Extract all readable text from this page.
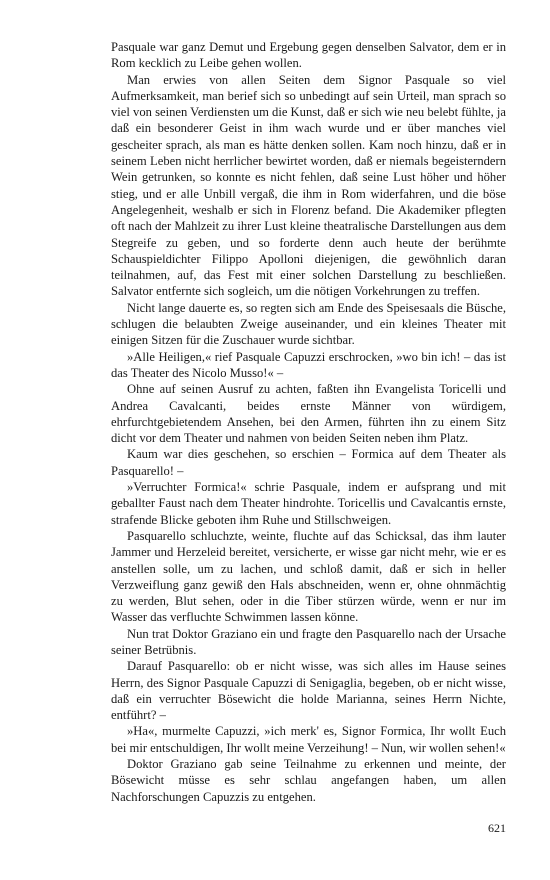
Pasquale war ganz Demut und Ergebung gegen denselben Salvator, dem er in Rom kecklich zu Leibe gehen wollen.

Man erwies von allen Seiten dem Signor Pasquale so viel Aufmerksamkeit, man berief sich so unbedingt auf sein Urteil, man sprach so viel von seinen Verdiensten um die Kunst, daß er sich wie neu belebt fühlte, ja daß ein besonderer Geist in ihm wach wurde und er über manches viel gescheiter sprach, als man es hätte denken sollen. Kam noch hinzu, daß er in seinem Leben nicht herrlicher bewirtet worden, daß er niemals begeisterndern Wein getrunken, so konnte es nicht fehlen, daß seine Lust höher und höher stieg, und er alle Unbill vergaß, die ihm in Rom widerfahren, und die böse Angelegenheit, weshalb er sich in Florenz befand. Die Akademiker pflegten oft nach der Mahlzeit zu ihrer Lust kleine theatralische Darstellungen aus dem Stegreife zu geben, und so forderte denn auch heute der berühmte Schauspieldichter Filippo Apolloni diejenigen, die gewöhnlich daran teilnahmen, auf, das Fest mit einer solchen Darstellung zu beschließen. Salvator entfernte sich sogleich, um die nötigen Vorkehrungen zu treffen.

Nicht lange dauerte es, so regten sich am Ende des Speisesaals die Büsche, schlugen die belaubten Zweige auseinander, und ein kleines Theater mit einigen Sitzen für die Zuschauer wurde sichtbar.

»Alle Heiligen,« rief Pasquale Capuzzi erschrocken, »wo bin ich! – das ist das Theater des Nicolo Musso!« –

Ohne auf seinen Ausruf zu achten, faßten ihn Evangelista Toricelli und Andrea Cavalcanti, beides ernste Männer von würdigem, ehrfurchtgebietendem Ansehen, bei den Armen, führten ihn zu einem Sitz dicht vor dem Theater und nahmen von beiden Seiten neben ihm Platz.

Kaum war dies geschehen, so erschien – Formica auf dem Theater als Pasquarello! –

»Verruchter Formica!« schrie Pasquale, indem er aufsprang und mit geballter Faust nach dem Theater hindrohte. Toricellis und Cavalcantis ernste, strafende Blicke geboten ihm Ruhe und Stillschweigen.

Pasquarello schluchzte, weinte, fluchte auf das Schicksal, das ihm lauter Jammer und Herzeleid bereitet, versicherte, er wisse gar nicht mehr, wie er es anstellen solle, um zu lachen, und schloß damit, daß er sich in heller Verzweiflung ganz gewiß den Hals abschneiden, wenn er, ohne ohnmächtig zu werden, Blut sehen, oder in die Tiber stürzen würde, wenn er nur im Wasser das verfluchte Schwimmen lassen könne.

Nun trat Doktor Graziano ein und fragte den Pasquarello nach der Ursache seiner Betrübnis.

Darauf Pasquarello: ob er nicht wisse, was sich alles im Hause seines Herrn, des Signor Pasquale Capuzzi di Senigaglia, begeben, ob er nicht wisse, daß ein verruchter Bösewicht die holde Marianna, seines Herrn Nichte, entführt? –

»Ha«, murmelte Capuzzi, »ich merk' es, Signor Formica, Ihr wollt Euch bei mir entschuldigen, Ihr wollt meine Verzeihung! – Nun, wir wollen sehen!«

Doktor Graziano gab seine Teilnahme zu erkennen und meinte, der Bösewicht müsse es sehr schlau angefangen haben, um allen Nachforschungen Capuzzis zu entgehen.

621
